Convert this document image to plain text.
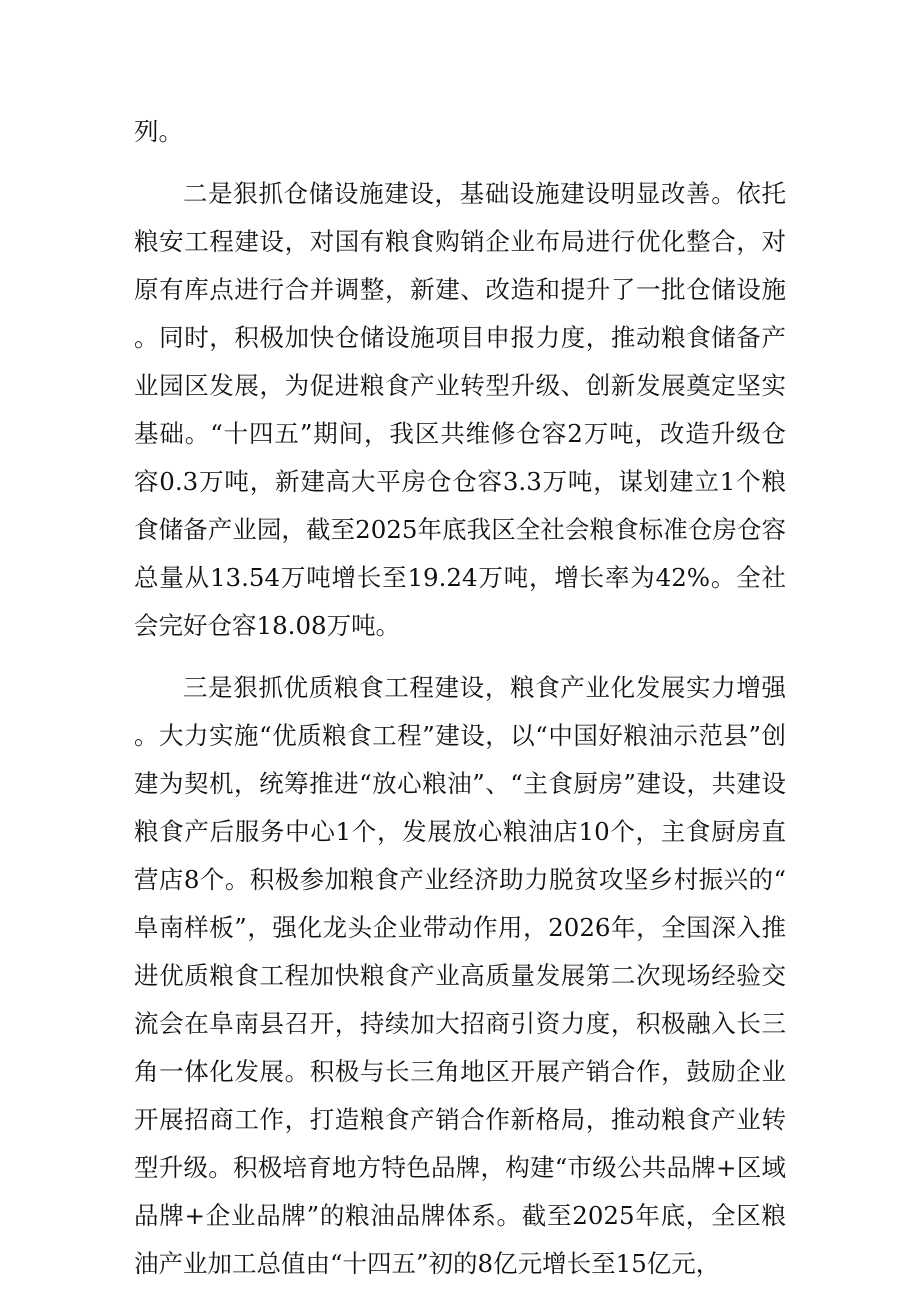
列。

二是狠抓仓储设施建设，基础设施建设明显改善。依托粮安工程建设，对国有粮食购销企业布局进行优化整合，对原有库点进行合并调整，新建、改造和提升了一批仓储设施。同时，积极加快仓储设施项目申报力度，推动粮食储备产业园区发展，为促进粮食产业转型升级、创新发展奠定坚实基础。“十四五”期间，我区共维修仓容2万吨，改造升级仓容0.3万吨，新建高大平房仓仓容3.3万吨，谋划建立1个粮食储备产业园，截至2025年底我区全社会粮食标准仓房仓容总量从13.54万吨增长至19.24万吨，增长率为42%。全社会完好仓容18.08万吨。

三是狠抓优质粮食工程建设，粮食产业化发展实力增强。大力实施“优质粮食工程”建设，以“中国好粮油示范县”创建为契机，统筹推进“放心粮油”、“主食厨房”建设，共建设粮食产后服务中心1个，发展放心粮油店10个，主食厨房直营店8个。积极参加粮食产业经济助力脱贫攻坚乡村振兴的“阜南样板”，强化龙头企业带动作用，2026年，全国深入推进优质粮食工程加快粮食产业高质量发展第二次现场经验交流会在阜南县召开，持续加大招商引资力度，积极融入长三角一体化发展。积极与长三角地区开展产销合作，鼓励企业开展招商工作，打造粮食产销合作新格局，推动粮食产业转型升级。积极培育地方特色品牌，构建“市级公共品牌+区域品牌+企业品牌”的粮油品牌体系。截至2025年底，全区粮油产业加工总值由“十四五”初的8亿元增长至15亿元，
